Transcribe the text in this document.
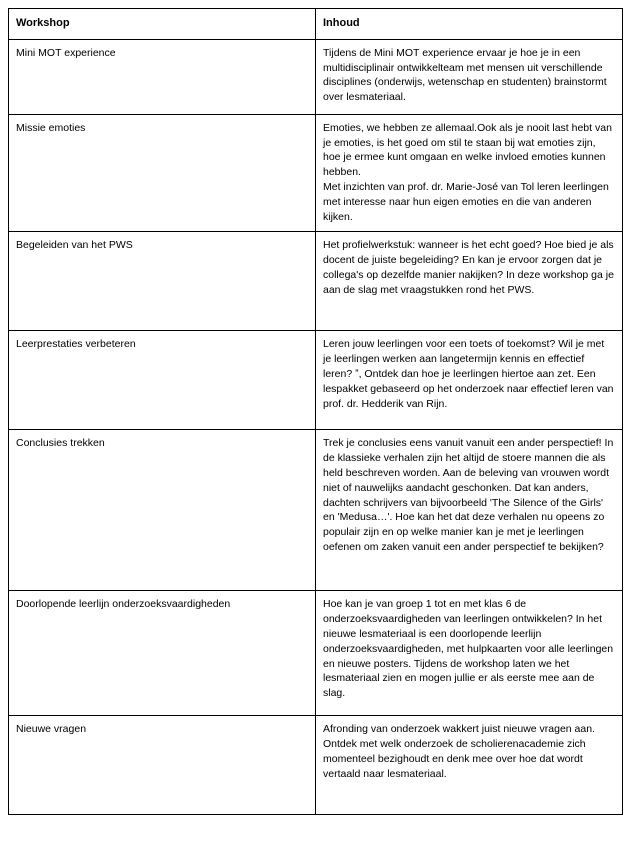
Workshop	Inhoud
Mini MOT experience	Tijdens de Mini MOT experience ervaar je hoe je in een multidisciplinair ontwikkelteam met mensen uit verschillende disciplines (onderwijs, wetenschap en studenten) brainstormt over lesmateriaal.

Missie emoties	Emoties, we hebben ze allemaal.Ook als je nooit last hebt van je emoties, is het goed om stil te staan bij wat emoties zijn, hoe je ermee kunt omgaan en welke invloed emoties kunnen hebben.

Met inzichten van prof. dr. Marie-José van Tol leren leerlingen met interesse naar hun eigen emoties en die van anderen kijken.

Begeleiden van het PWS	Het profielwerkstuk: wanneer is het echt goed? Hoe bied je als docent de juiste begeleiding? En kan je ervoor zorgen dat je collega's op dezelfde manier nakijken? In deze workshop ga je aan de slag met vraagstukken rond het PWS.

Leerprestaties verbeteren	Leren jouw leerlingen voor een toets of toekomst? Wil je met je leerlingen werken aan langetermijn kennis en effectief leren? ˮ, Ontdek dan hoe je leerlingen hiertoe aan zet. Een lespakket gebaseerd op het onderzoek naar effectief leren van prof. dr. Hedderik van Rijn.

Conclusies trekken	Trek je conclusies eens vanuit vanuit een ander perspectief! In de klassieke verhalen zijn het altijd de stoere mannen die als held beschreven worden. Aan de beleving van vrouwen wordt niet of nauwelijks aandacht geschonken. Dat kan anders, dachten schrijvers van bijvoorbeeld 'The Silence of the Girls' en 'Medusa…'. Hoe kan het dat deze verhalen nu opeens zo populair zijn en op welke manier kan je met je leerlingen oefenen om zaken vanuit een ander perspectief te bekijken?

Doorlopende leerlijn onderzoeksvaardigheden	Hoe kan je van groep 1 tot en met klas 6 de onderzoeksvaardigheden van leerlingen ontwikkelen? In het nieuwe lesmateriaal is een doorlopende leerlijn onderzoeksvaardigheden, met hulpkaarten voor alle leerlingen en nieuwe posters. Tijdens de workshop laten we het lesmateriaal zien en mogen jullie er als eerste mee aan de slag.

Nieuwe vragen	Afronding van onderzoek wakkert juist nieuwe vragen aan. Ontdek met welk onderzoek de scholierenacademie zich momenteel bezighoudt en denk mee over hoe dat wordt vertaald naar lesmateriaal.
